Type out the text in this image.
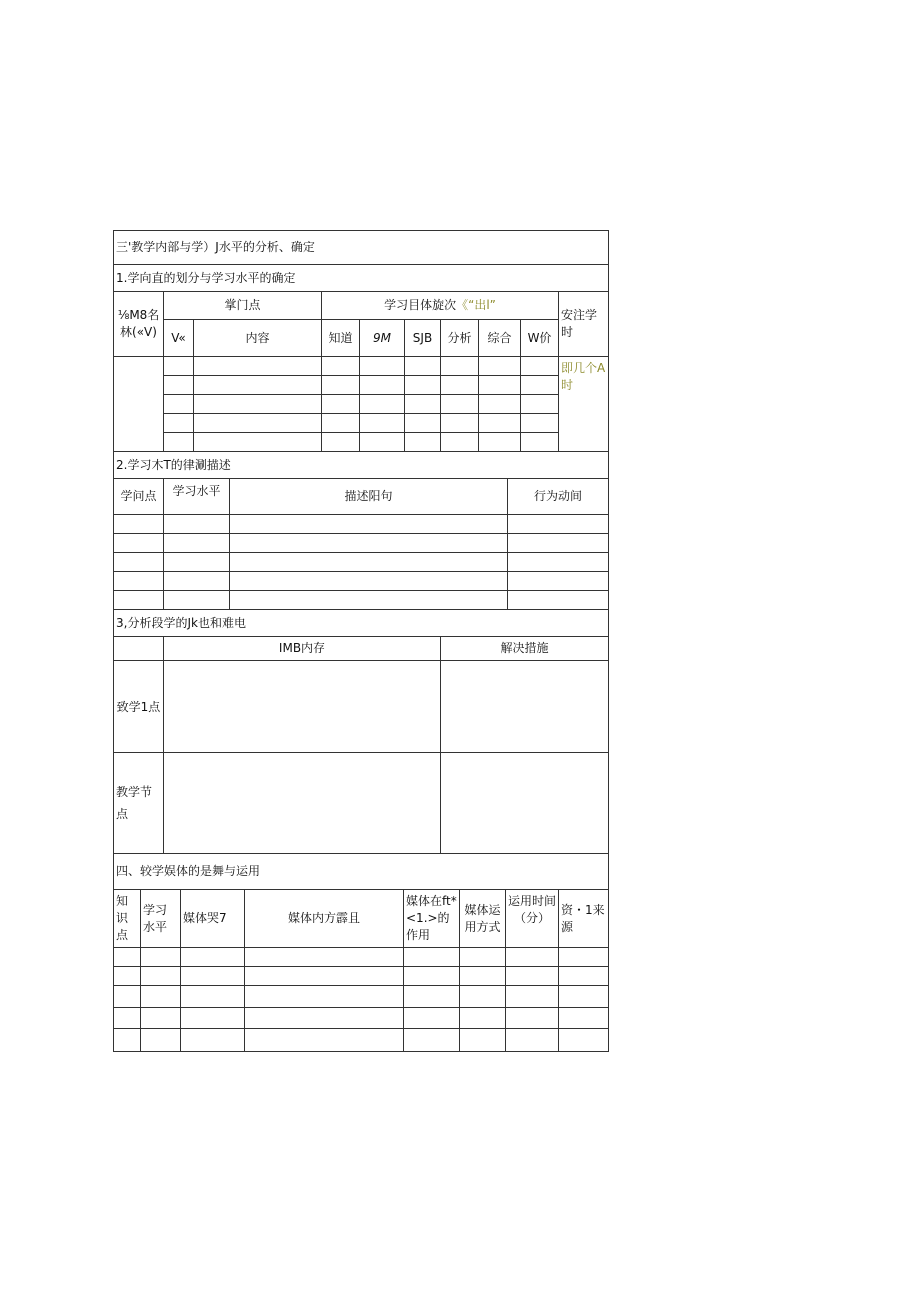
三'教学内部与学）J水平的分析、确定									
1.学向直的划分与学习水平的确定									
⅛M8名林(«V)	掌门点		学习目体旋次《“出l”						安注学时
	V«	内容	知道	9M	SJB	分析	综合	W价	
									即几个A时

2.学习木T的律涮描述			
学问点	学习水平	描述阳句	行为动间

3,分析段学的Jk也和难电		
	IMB内存	解决措施
致学1点		
教学节点		
四、较学娱体的是舞与运用							
知识点	学习水平	媒体哭7	媒体内方霹且	媒体在ft*<1.>的作用	媒体运用方式	运用时间（分）	资・1来源
